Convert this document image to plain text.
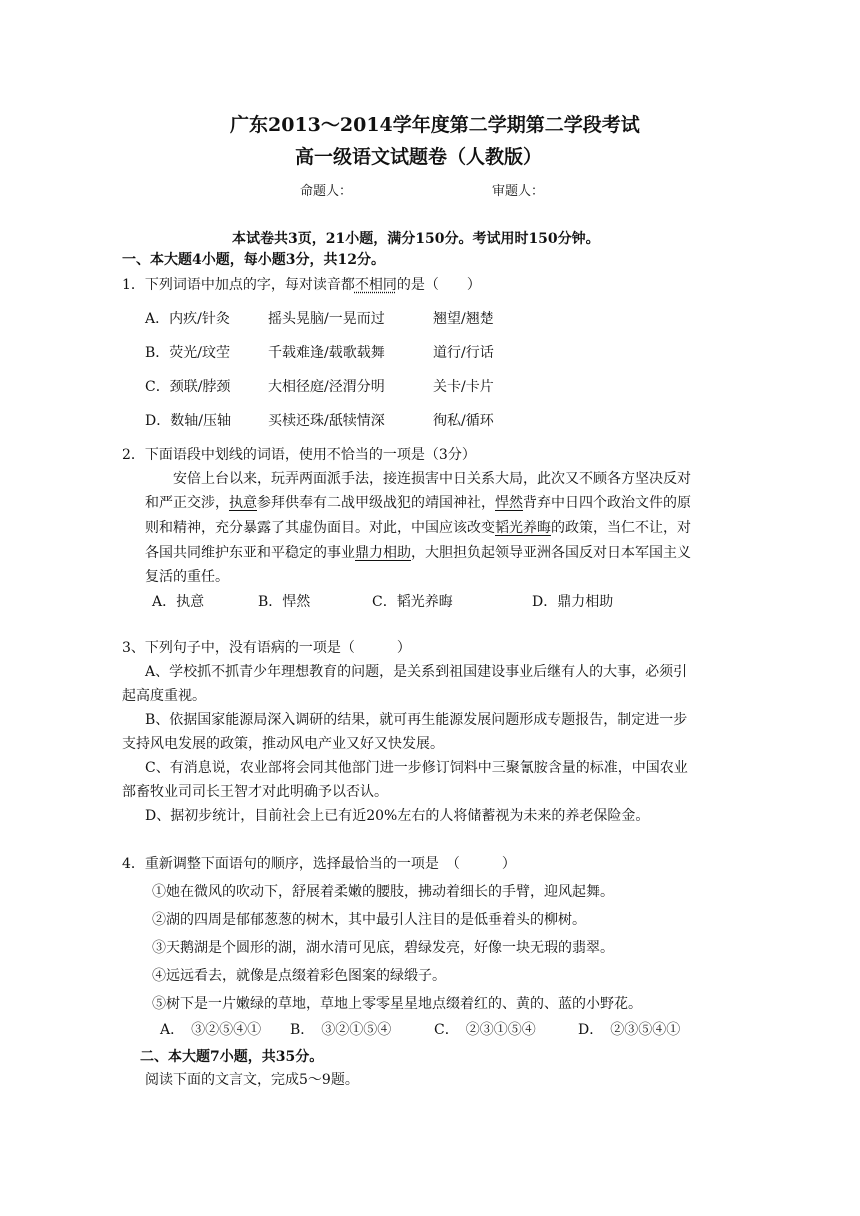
广东2013～2014学年度第二学期第二学段考试
高一级语文试题卷（人教版）
命题人：	审题人：
本试卷共3页，21小题，满分150分。考试用时150分钟。
一、本大题4小题，每小题3分，共12分。
1．下列词语中加点的字，每对读音都不相同的是（　　）
A．内疚/针灸	摇头晃脑/一晃而过	翘望/翘楚
B．荧光/玟茔	千载难逢/载歌载舞	道行/行话
C．颈联/脖颈	大相径庭/泾渭分明	关卡/卡片
D．数轴/压轴	买椟还珠/舐犊情深	徇私/循环
2．下面语段中划线的词语，使用不恰当的一项是（3分）
安倍上台以来，玩弄两面派手法，接连损害中日关系大局，此次又不顾各方坚决反对
和严正交涉，执意参拜供奉有二战甲级战犯的靖国神社，悍然背弃中日四个政治文件的原
则和精神，充分暴露了其虚伪面目。对此，中国应该改变韬光养晦的政策，当仁不让，对
各国共同维护东亚和平稳定的事业鼎力相助，大胆担负起领导亚洲各国反对日本军国主义
复活的重任。
A．执意	B．悍然	C．韬光养晦	D．鼎力相助
3、下列句子中，没有语病的一项是（　　　）
A、学校抓不抓青少年理想教育的问题，是关系到祖国建设事业后继有人的大事，必须引
起高度重视。
B、依据国家能源局深入调研的结果，就可再生能源发展问题形成专题报告，制定进一步
支持风电发展的政策，推动风电产业又好又快发展。
C、有消息说，农业部将会同其他部门进一步修订饲料中三聚氰胺含量的标准，中国农业
部畜牧业司司长王智才对此明确予以否认。
D、据初步统计，目前社会上已有近20%左右的人将储蓄视为未来的养老保险金。
4．重新调整下面语句的顺序，选择最恰当的一项是　（　　　）
①她在微风的吹动下，舒展着柔嫩的腰肢，拂动着细长的手臂，迎风起舞。
②湖的四周是郁郁葱葱的树木，其中最引人注目的是低垂着头的柳树。
③天鹅湖是个圆形的湖，湖水清可见底，碧绿发亮，好像一块无瑕的翡翠。
④远远看去，就像是点缀着彩色图案的绿缎子。
⑤树下是一片嫩绿的草地，草地上零零星星地点缀着红的、黄的、蓝的小野花。
A．　③②⑤④① B．　③②①⑤④	C．　②③①⑤④	D．　②③⑤④①
二、本大题7小题，共35分。
阅读下面的文言文，完成5～9题。
